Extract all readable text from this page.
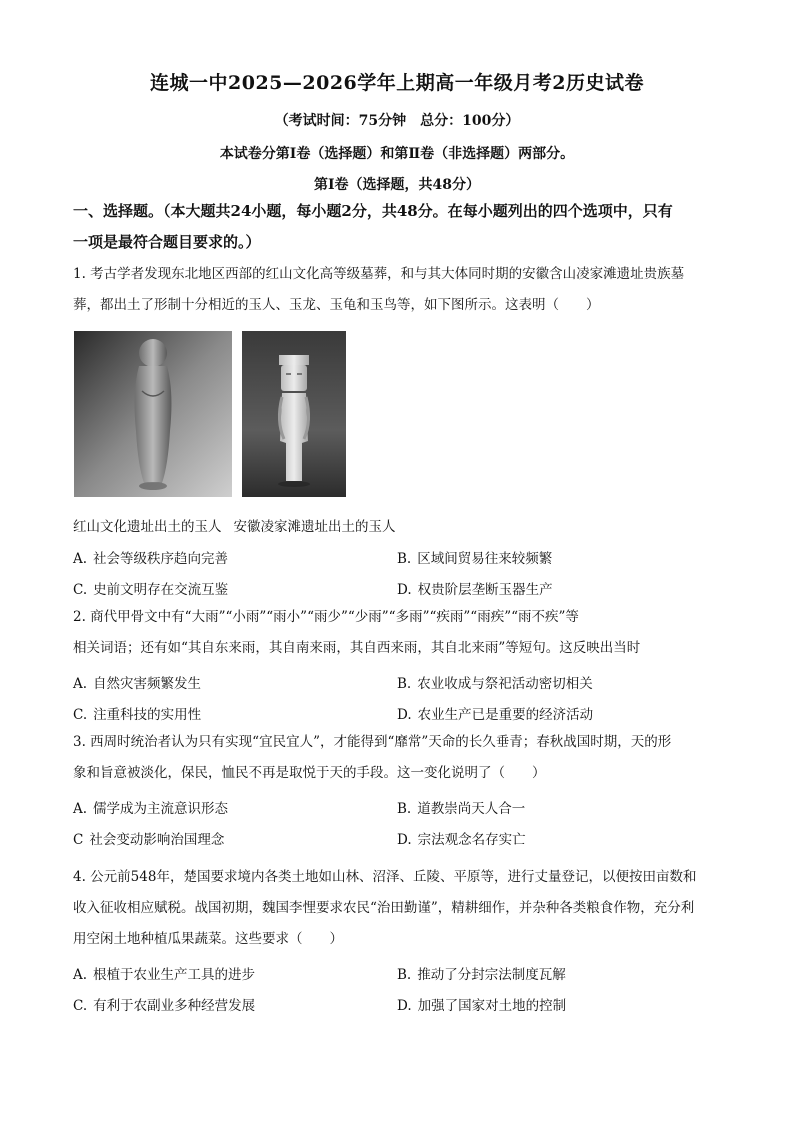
连城一中2025—2026学年上期高一年级月考2历史试卷
（考试时间：75分钟　总分：100分）
本试卷分第Ⅰ卷（选择题）和第Ⅱ卷（非选择题）两部分。
第Ⅰ卷（选择题，共48分）
一、选择题。（本大题共24小题，每小题2分，共48分。在每小题列出的四个选项中，只有
一项是最符合题目要求的。）
1. 考古学者发现东北地区西部的红山文化高等级墓葬，和与其大体同时期的安徽含山凌家滩遗址贵族墓
葬，都出土了形制十分相近的玉人、玉龙、玉龟和玉鸟等，如下图所示。这表明（　　）
红山文化遗址出土的玉人 安徽凌家滩遗址出土的玉人
A. 社会等级秩序趋向完善	B. 区域间贸易往来较频繁
C. 史前文明存在交流互鉴	D. 权贵阶层垄断玉器生产
2. 商代甲骨文中有“大雨”“小雨”“雨小”“雨少”“少雨”“多雨”“疾雨”“雨疾”“雨不疾”等
相关词语；还有如“其自东来雨，其自南来雨，其自西来雨，其自北来雨”等短句。这反映出当时
A. 自然灾害频繁发生	B. 农业收成与祭祀活动密切相关
C. 注重科技的实用性	D. 农业生产已是重要的经济活动
3. 西周时统治者认为只有实现“宜民宜人”，才能得到“靡常”天命的长久垂青；春秋战国时期，天的形
象和旨意被淡化，保民，恤民不再是取悦于天的手段。这一变化说明了（　　）
A. 儒学成为主流意识形态	B. 道教崇尚天人合一
C 社会变动影响治国理念	D. 宗法观念名存实亡
4. 公元前548年，楚国要求境内各类土地如山林、沼泽、丘陵、平原等，进行丈量登记，以便按田亩数和
收入征收相应赋税。战国初期，魏国李悝要求农民“治田勤谨”，精耕细作，并杂种各类粮食作物，充分利
用空闲土地种植瓜果蔬菜。这些要求（　　）
A. 根植于农业生产工具的进步	B. 推动了分封宗法制度瓦解
C. 有利于农副业多种经营发展	D. 加强了国家对土地的控制
